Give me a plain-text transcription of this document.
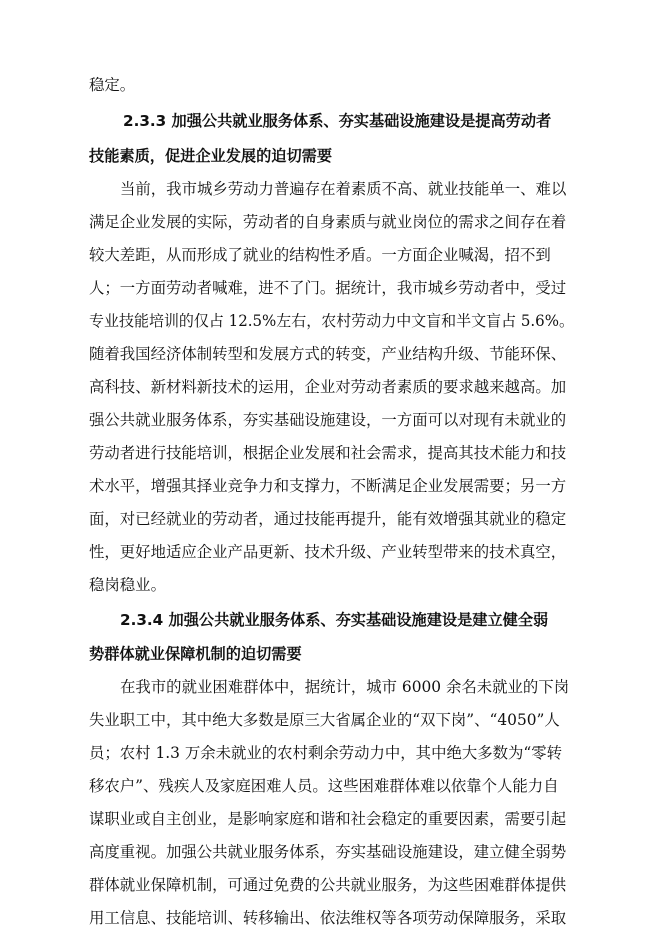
稳定。

2.3.3 加强公共就业服务体系、夯实基础设施建设是提高劳动者

技能素质，促进企业发展的迫切需要

当前，我市城乡劳动力普遍存在着素质不高、就业技能单一、难以

满足企业发展的实际，劳动者的自身素质与就业岗位的需求之间存在着

较大差距，从而形成了就业的结构性矛盾。一方面企业喊渴，招不到

人；一方面劳动者喊难，进不了门。据统计，我市城乡劳动者中，受过

专业技能培训的仅占 12.5%左右，农村劳动力中文盲和半文盲占 5.6%。

随着我国经济体制转型和发展方式的转变，产业结构升级、节能环保、

高科技、新材料新技术的运用，企业对劳动者素质的要求越来越高。加

强公共就业服务体系，夯实基础设施建设，一方面可以对现有未就业的

劳动者进行技能培训，根据企业发展和社会需求，提高其技术能力和技

术水平，增强其择业竞争力和支撑力，不断满足企业发展需要；另一方

面，对已经就业的劳动者，通过技能再提升，能有效增强其就业的稳定

性，更好地适应企业产品更新、技术升级、产业转型带来的技术真空，

稳岗稳业。

2.3.4 加强公共就业服务体系、夯实基础设施建设是建立健全弱

势群体就业保障机制的迫切需要

在我市的就业困难群体中，据统计，城市 6000 余名未就业的下岗

失业职工中，其中绝大多数是原三大省属企业的“双下岗”、“4050”人

员；农村 1.3 万余未就业的农村剩余劳动力中，其中绝大多数为“零转

移农户”、残疾人及家庭困难人员。这些困难群体难以依靠个人能力自

谋职业或自主创业，是影响家庭和谐和社会稳定的重要因素，需要引起

高度重视。加强公共就业服务体系，夯实基础设施建设，建立健全弱势

群体就业保障机制，可通过免费的公共就业服务，为这些困难群体提供

用工信息、技能培训、转移输出、依法维权等各项劳动保障服务，采取
